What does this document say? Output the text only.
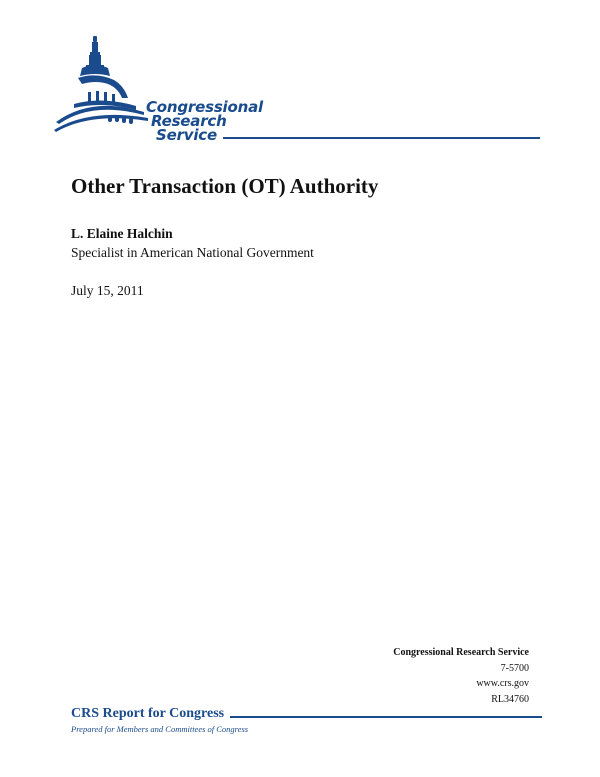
Congressional
Research
Service
Other Transaction (OT) Authority
L. Elaine Halchin
Specialist in American National Government
July 15, 2011
Congressional Research Service
7-5700
www.crs.gov
RL34760
CRS Report for Congress
Prepared for Members and Committees of Congress
